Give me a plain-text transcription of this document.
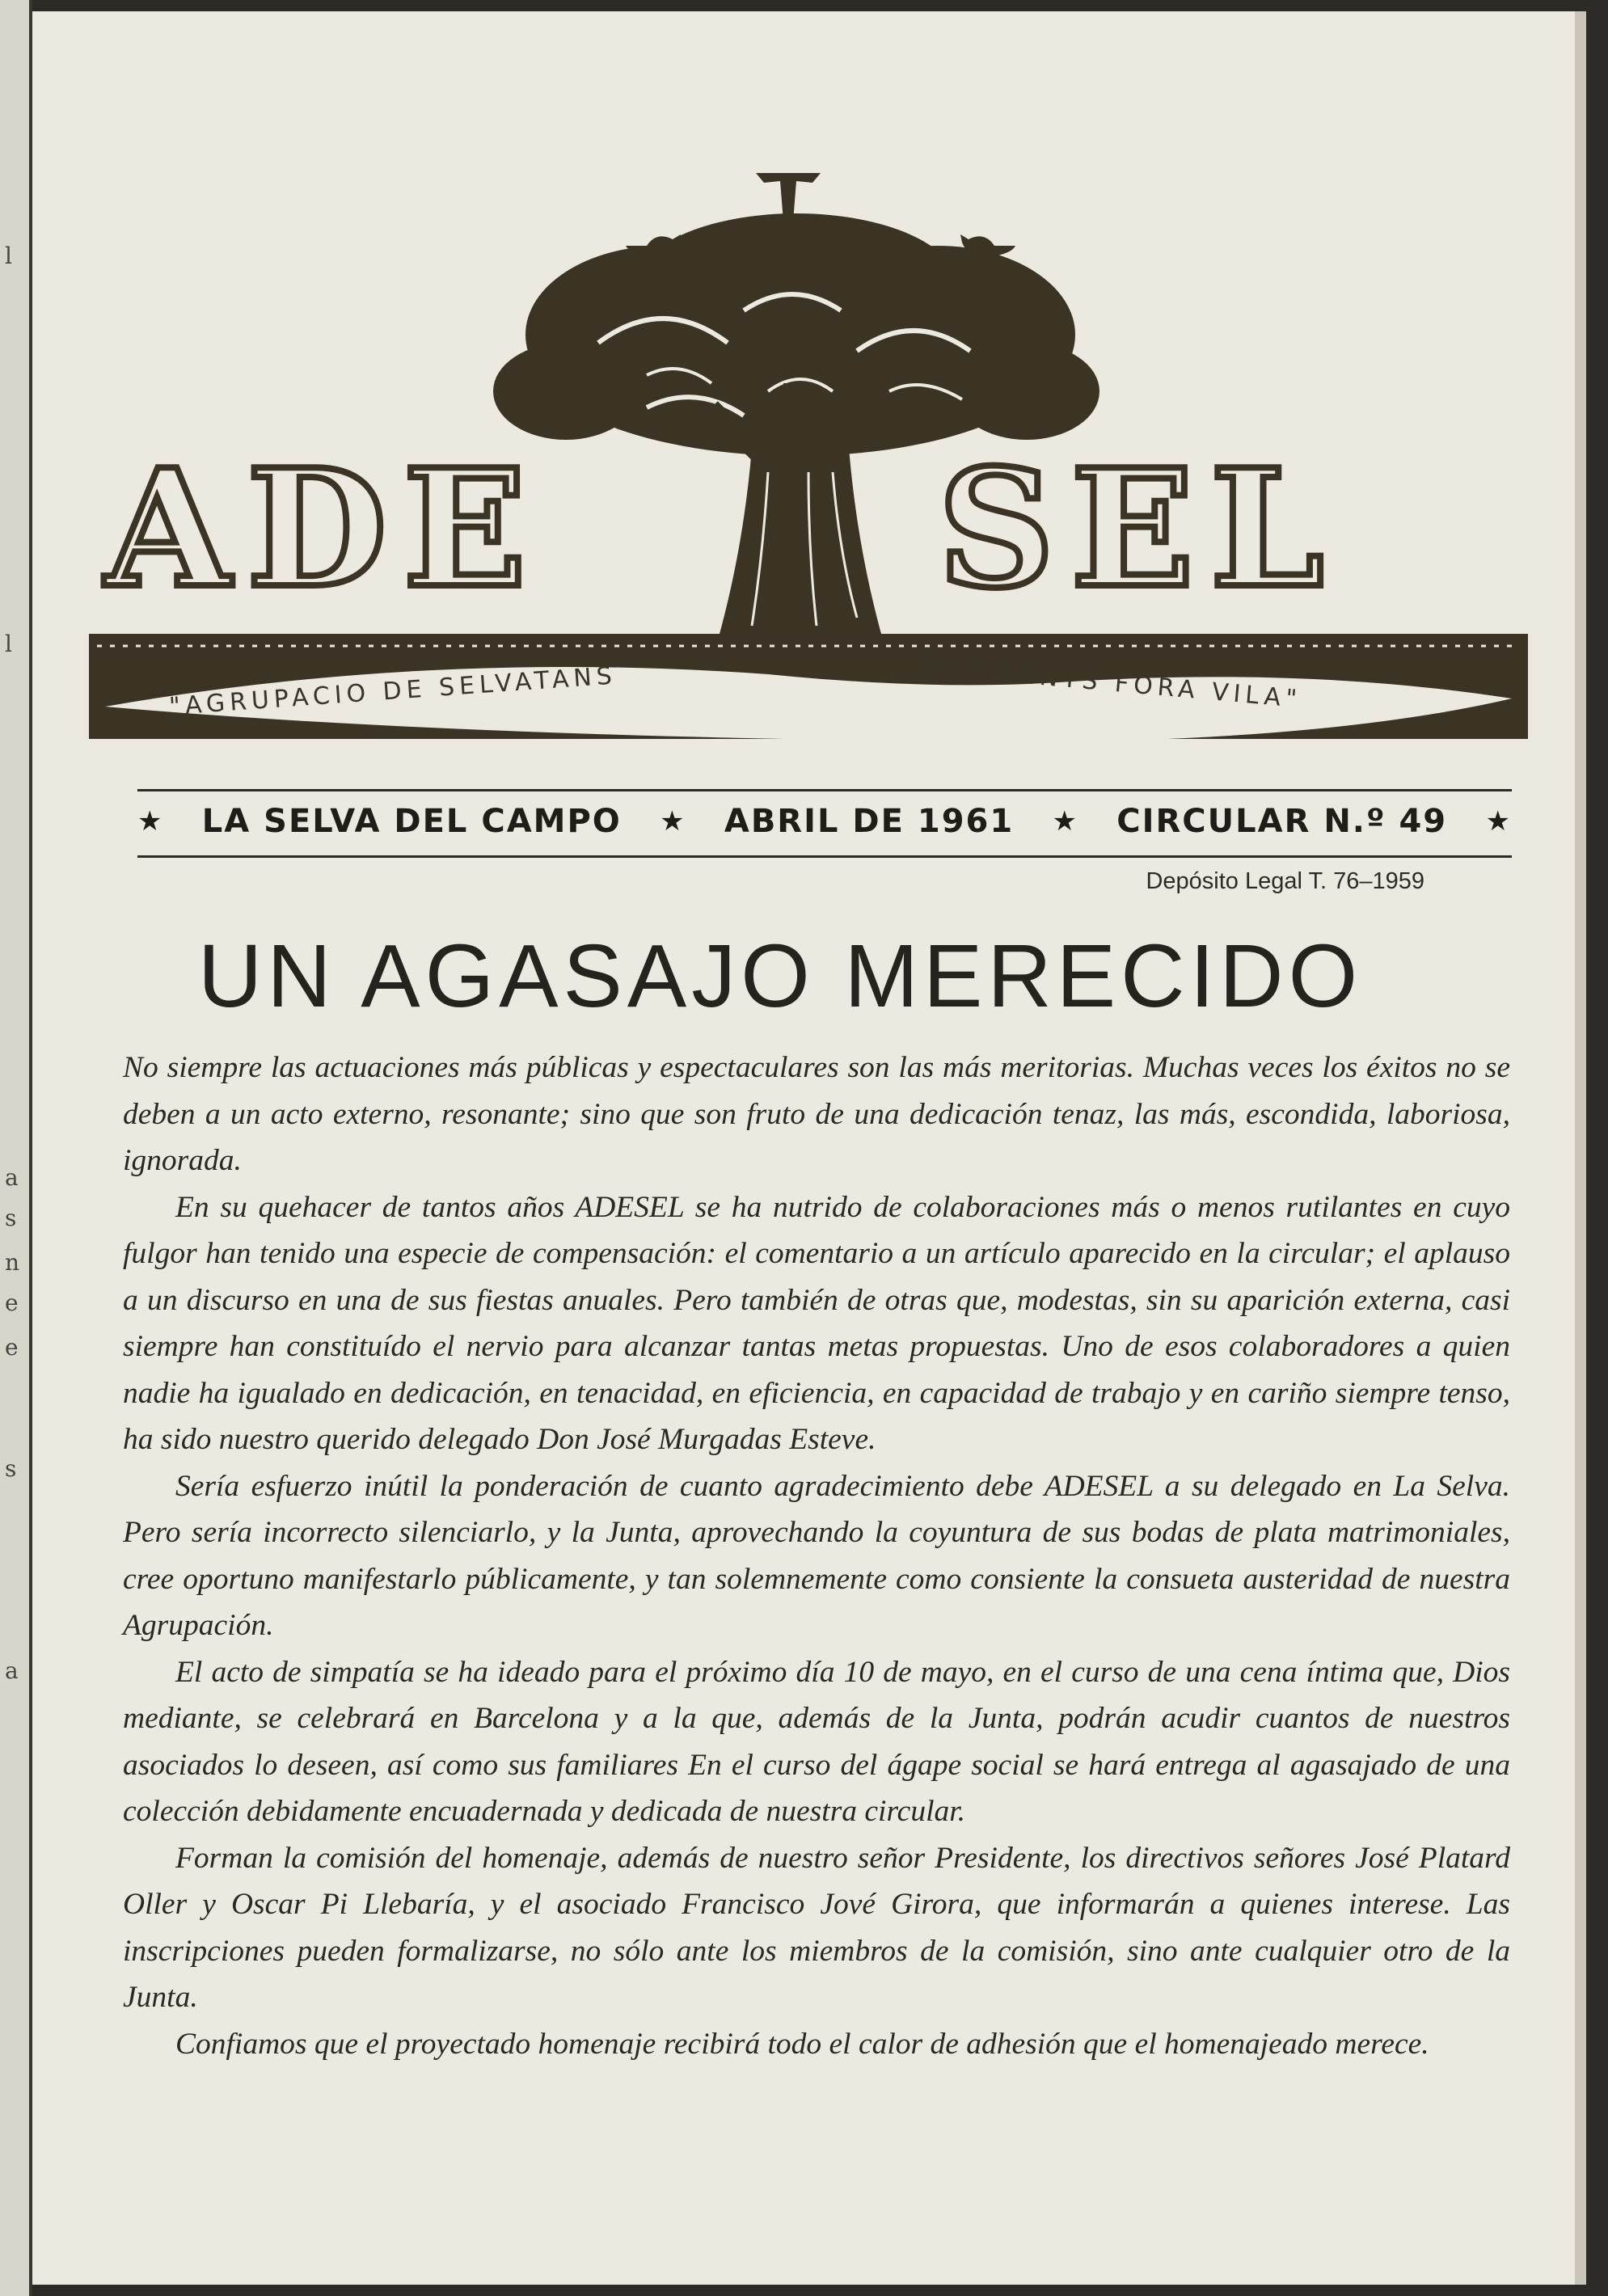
l
l
a
s
n
e
e
s
a
ADE SEL
"AGRUPACIO DE SELVATANS	RESIDENTS FORA VILA"
★ LA SELVA DEL CAMPO ★ ABRIL DE 1961 ★ CIRCULAR N.º 49 ★
Depósito Legal T. 76–1959
UN AGASAJO MERECIDO

No siempre las actuaciones más públicas y espectaculares son las más meritorias. Muchas veces los éxitos no se deben a un acto externo, resonante; sino que son fruto de una dedicación tenaz, las más, escondida, laboriosa, ignorada.

En su quehacer de tantos años ADESEL se ha nutrido de colaboraciones más o menos rutilantes en cuyo fulgor han tenido una especie de compensación: el comentario a un artículo aparecido en la circular; el aplauso a un discurso en una de sus fiestas anuales. Pero también de otras que, modestas, sin su aparición externa, casi siempre han constituído el nervio para alcanzar tantas metas propuestas. Uno de esos colaboradores a quien nadie ha igualado en dedicación, en tenacidad, en eficiencia, en capacidad de trabajo y en cariño siempre tenso, ha sido nuestro querido delegado Don José Murgadas Esteve.

Sería esfuerzo inútil la ponderación de cuanto agradecimiento debe ADESEL a su delegado en La Selva. Pero sería incorrecto silenciarlo, y la Junta, aprovechando la coyuntura de sus bodas de plata matrimoniales, cree oportuno manifestarlo públicamente, y tan solemnemente como consiente la consueta austeridad de nuestra Agrupación.

El acto de simpatía se ha ideado para el próximo día 10 de mayo, en el curso de una cena íntima que, Dios mediante, se celebrará en Barcelona y a la que, además de la Junta, podrán acudir cuantos de nuestros asociados lo deseen, así como sus familiares En el curso del ágape social se hará entrega al agasajado de una colección debidamente encuadernada y dedicada de nuestra circular.

Forman la comisión del homenaje, además de nuestro señor Presidente, los directivos señores José Platard Oller y Oscar Pi Llebaría, y el asociado Francisco Jové Girora, que informarán a quienes interese. Las inscripciones pueden formalizarse, no sólo ante los miembros de la comisión, sino ante cualquier otro de la Junta.

Confiamos que el proyectado homenaje recibirá todo el calor de adhesión que el homenajeado merece.
